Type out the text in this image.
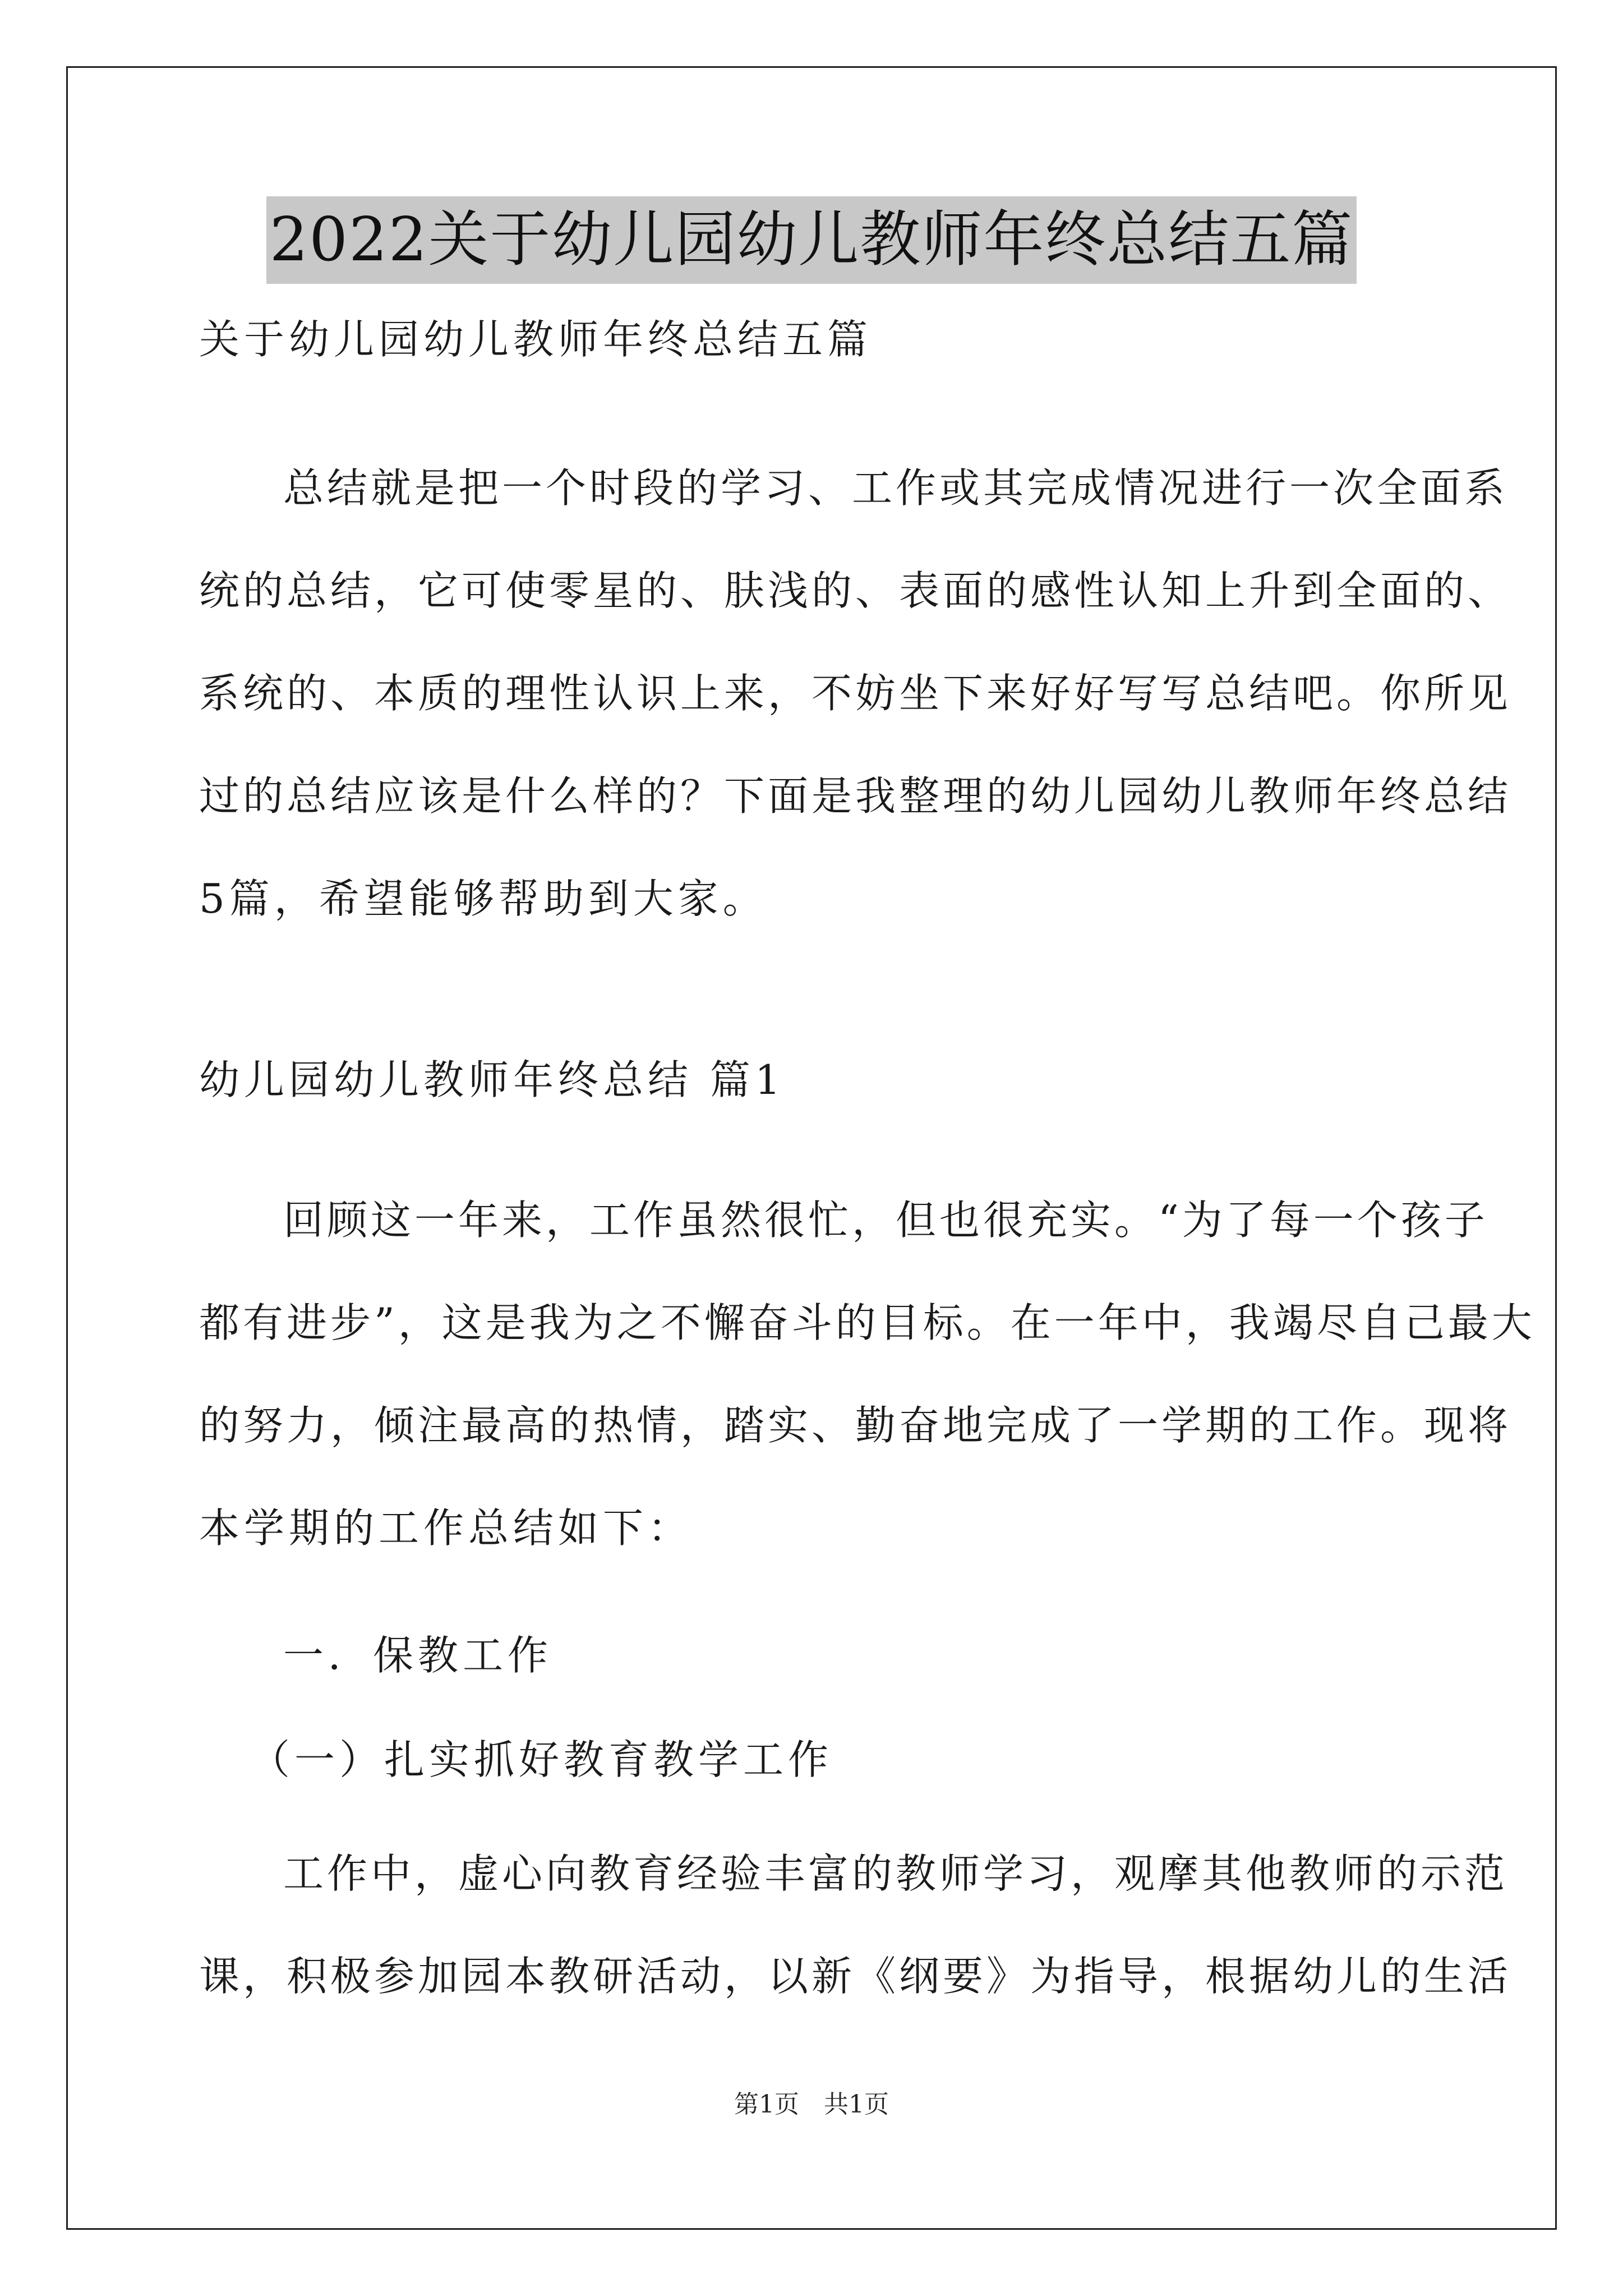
2022关于幼儿园幼儿教师年终总结五篇
关于幼儿园幼儿教师年终总结五篇
总结就是把一个时段的学习、工作或其完成情况进行一次全面系
统的总结，它可使零星的、肤浅的、表面的感性认知上升到全面的、
系统的、本质的理性认识上来，不妨坐下来好好写写总结吧。你所见
过的总结应该是什么样的？下面是我整理的幼儿园幼儿教师年终总结
5篇，希望能够帮助到大家。
幼儿园幼儿教师年终总结 篇1
回顾这一年来，工作虽然很忙，但也很充实。“为了每一个孩子
都有进步”，这是我为之不懈奋斗的目标。在一年中，我竭尽自己最大
的努力，倾注最高的热情，踏实、勤奋地完成了一学期的工作。现将
本学期的工作总结如下：
一．保教工作
（一）扎实抓好教育教学工作
工作中，虚心向教育经验丰富的教师学习，观摩其他教师的示范
课，积极参加园本教研活动，以新《纲要》为指导，根据幼儿的生活
第1页　共1页
